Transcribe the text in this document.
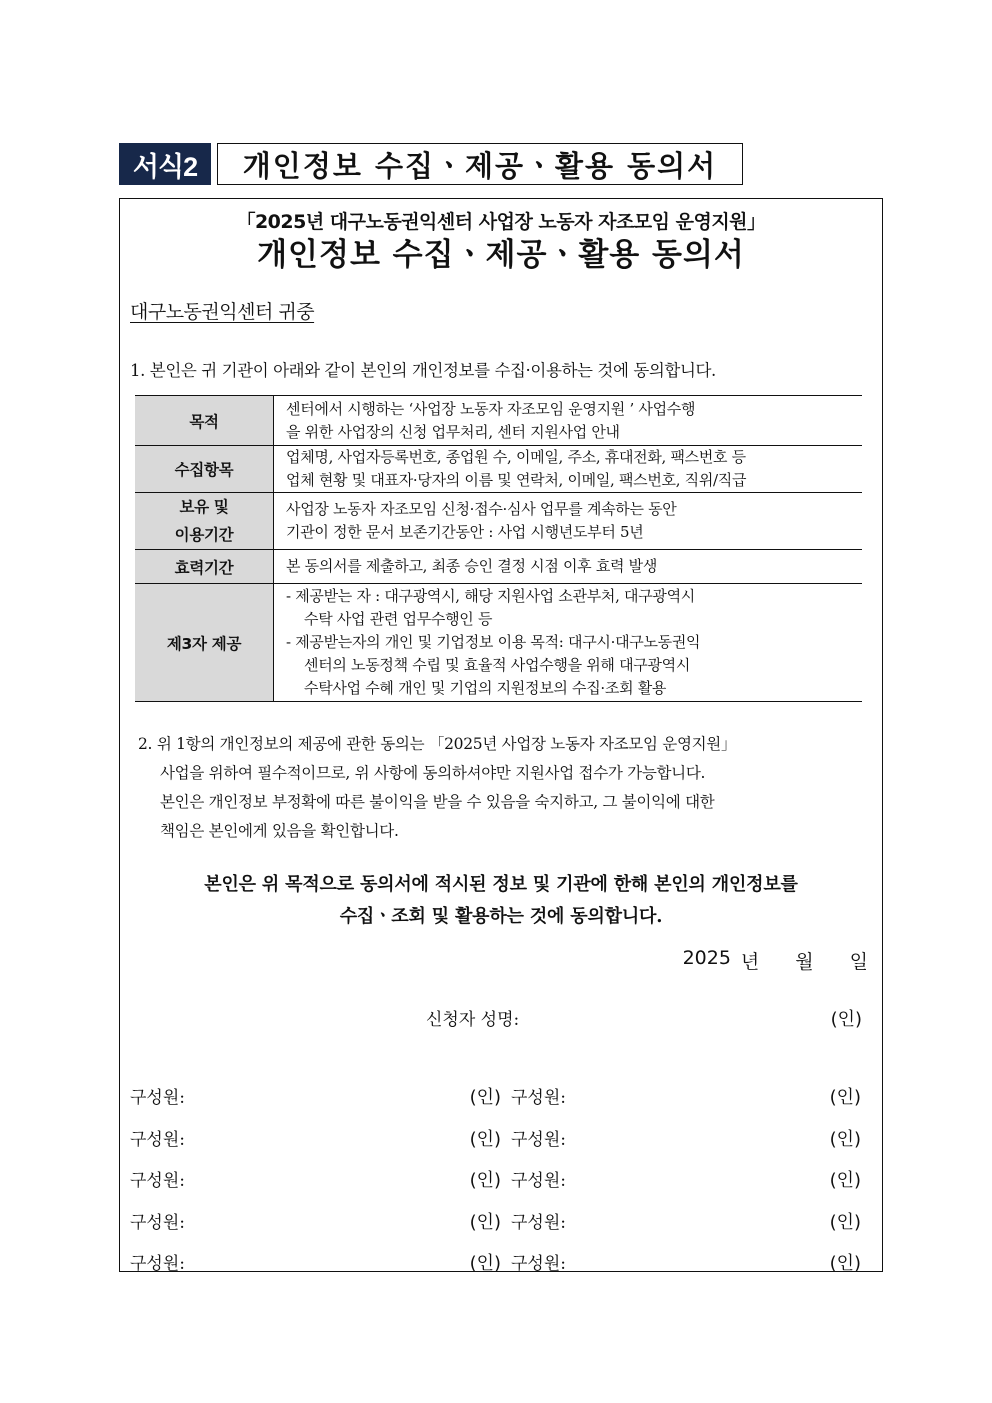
서식2	개인정보 수집ㆍ제공ㆍ활용 동의서
「2025년 대구노동권익센터 사업장 노동자 자조모임 운영지원」
개인정보 수집ㆍ제공ㆍ활용 동의서
대구노동권익센터 귀중
1. 본인은 귀 기관이 아래와 같이 본인의 개인정보를 수집·이용하는 것에 동의합니다.
목적	센터에서 시행하는 ‘사업장 노동자 자조모임 운영지원 ’ 사업수행
을 위한 사업장의 신청 업무처리, 센터 지원사업 안내

수집항목	업체명, 사업자등록번호, 종업원 수, 이메일, 주소, 휴대전화, 팩스번호 등
업체 현황 및 대표자·당자의 이름 및 연락처, 이메일, 팩스번호, 직위/직급

보유 및
이용기간	사업장 노동자 자조모임 신청·접수·심사 업무를 계속하는 동안
기관이 정한 문서 보존기간동안 : 사업 시행년도부터 5년

효력기간	본 동의서를 제출하고, 최종 승인 결정 시점 이후 효력 발생
제3자 제공	- 제공받는 자 : 대구광역시, 해당 지원사업 소관부처, 대구광역시
수탁 사업 관련 업무수행인 등
- 제공받는자의 개인 및 기업정보 이용 목적: 대구시·대구노동권익
센터의 노동정책 수립 및 효율적 사업수행을 위해 대구광역시
수탁사업 수혜 개인 및 기업의 지원정보의 수집·조회 활용
2. 위 1항의 개인정보의 제공에 관한 동의는 「2025년 사업장 노동자 자조모임 운영지원」
사업을 위하여 필수적이므로, 위 사항에 동의하셔야만 지원사업 접수가 가능합니다.
본인은 개인정보 부정확에 따른 불이익을 받을 수 있음을 숙지하고, 그 불이익에 대한
책임은 본인에게 있음을 확인합니다.
본인은 위 목적으로 동의서에 적시된 정보 및 기관에 한해 본인의 개인정보를
수집ㆍ조회 및 활용하는 것에 동의합니다.
2025 년 월 일
신청자 성명:	(인)
구성원:	(인) 구성원:	(인)
구성원:	(인) 구성원:	(인)
구성원:	(인) 구성원:	(인)
구성원:	(인) 구성원:	(인)
구성원:	(인) 구성원:	(인)
